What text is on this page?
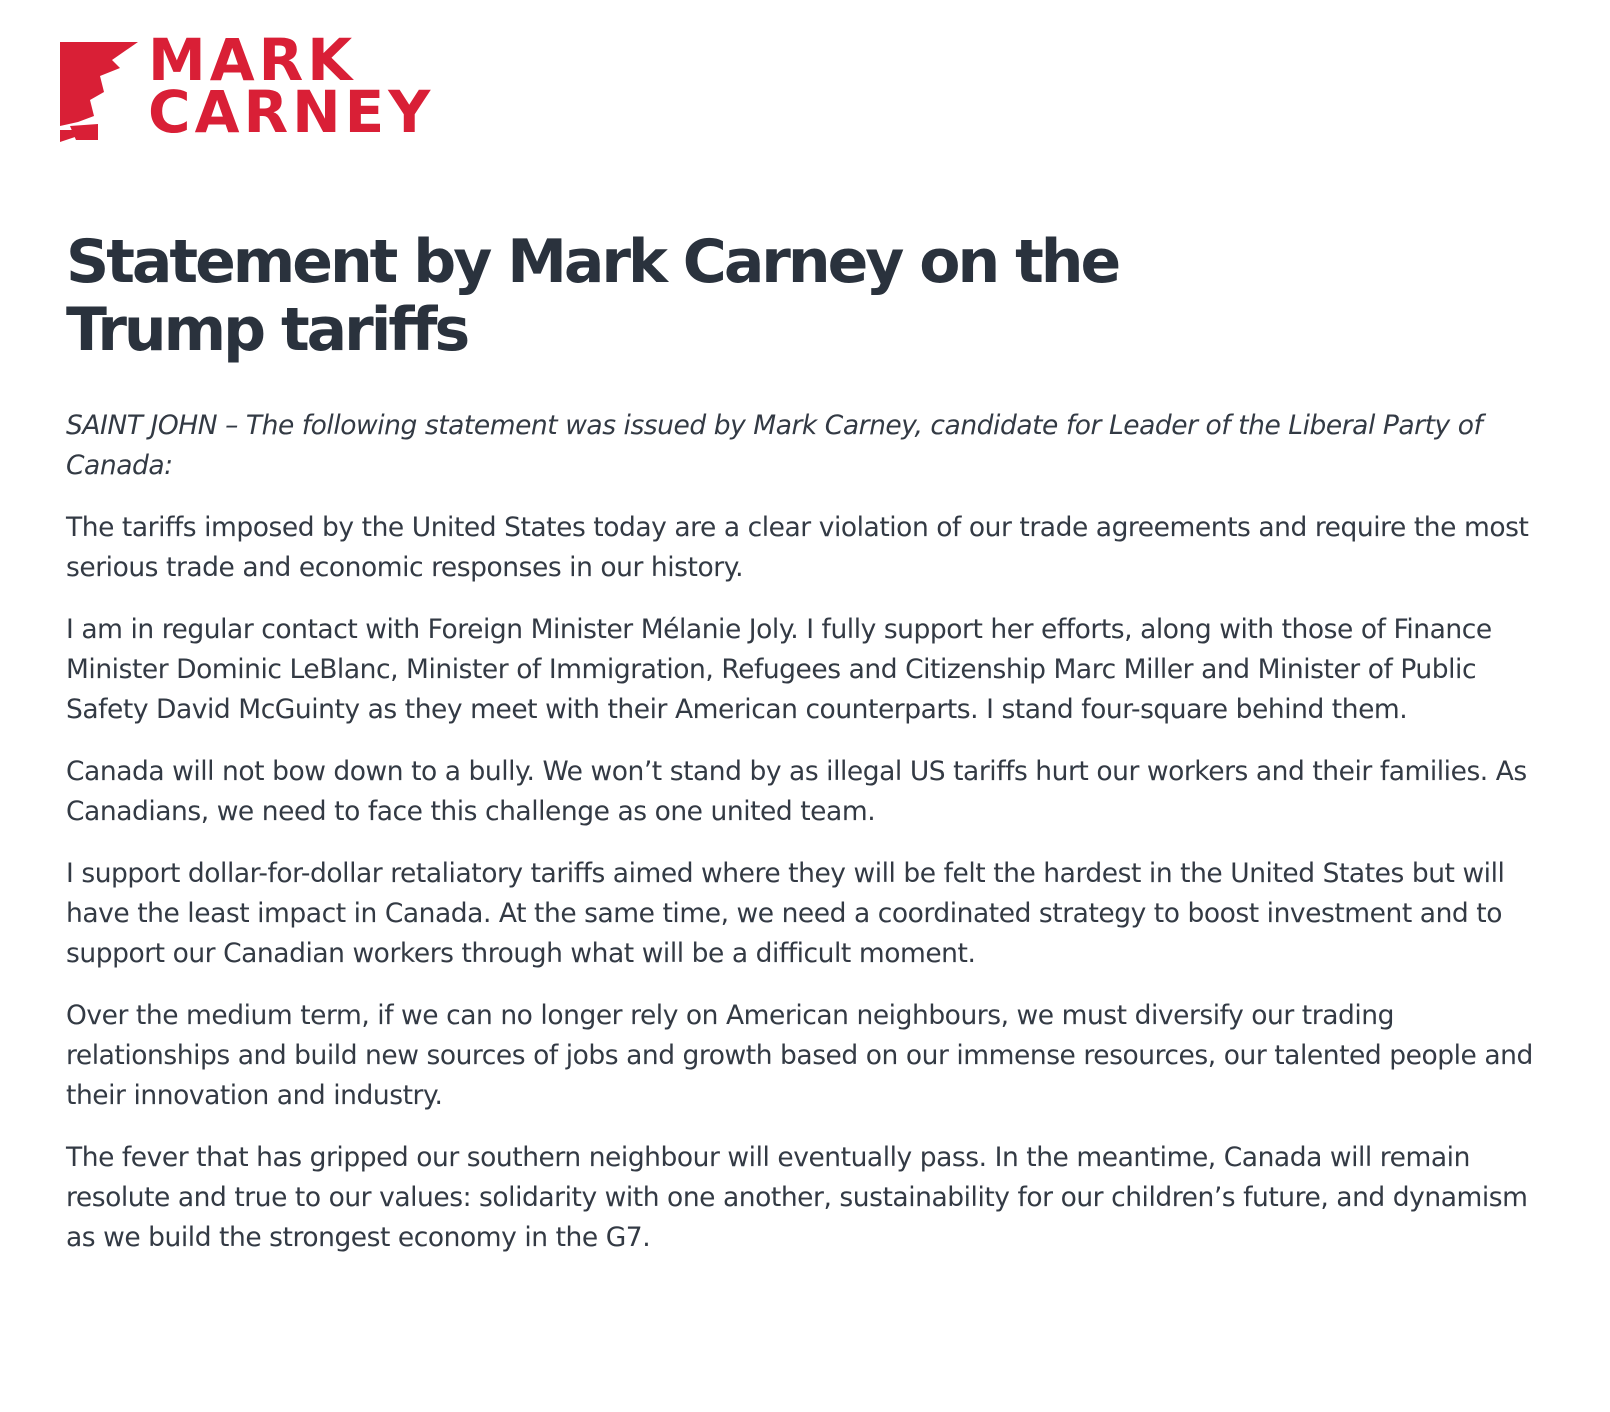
MARK
CARNEY
Statement by Mark Carney on the Trump tariffs

SAINT JOHN – The following statement was issued by Mark Carney, candidate for Leader of the Liberal Party of Canada:

The tariffs imposed by the United States today are a clear violation of our trade agreements and require the most serious trade and economic responses in our history.

I am in regular contact with Foreign Minister Mélanie Joly. I fully support her efforts, along with those of Finance Minister Dominic LeBlanc, Minister of Immigration, Refugees and Citizenship Marc Miller and Minister of Public Safety David McGuinty as they meet with their American counterparts. I stand four-square behind them.

Canada will not bow down to a bully. We won’t stand by as illegal US tariffs hurt our workers and their families. As Canadians, we need to face this challenge as one united team.

I support dollar-for-dollar retaliatory tariffs aimed where they will be felt the hardest in the United States but will have the least impact in Canada. At the same time, we need a coordinated strategy to boost investment and to support our Canadian workers through what will be a difficult moment.

Over the medium term, if we can no longer rely on American neighbours, we must diversify our trading relationships and build new sources of jobs and growth based on our immense resources, our talented people and their innovation and industry.

The fever that has gripped our southern neighbour will eventually pass. In the meantime, Canada will remain resolute and true to our values: solidarity with one another, sustainability for our children’s future, and dynamism as we build the strongest economy in the G7.
